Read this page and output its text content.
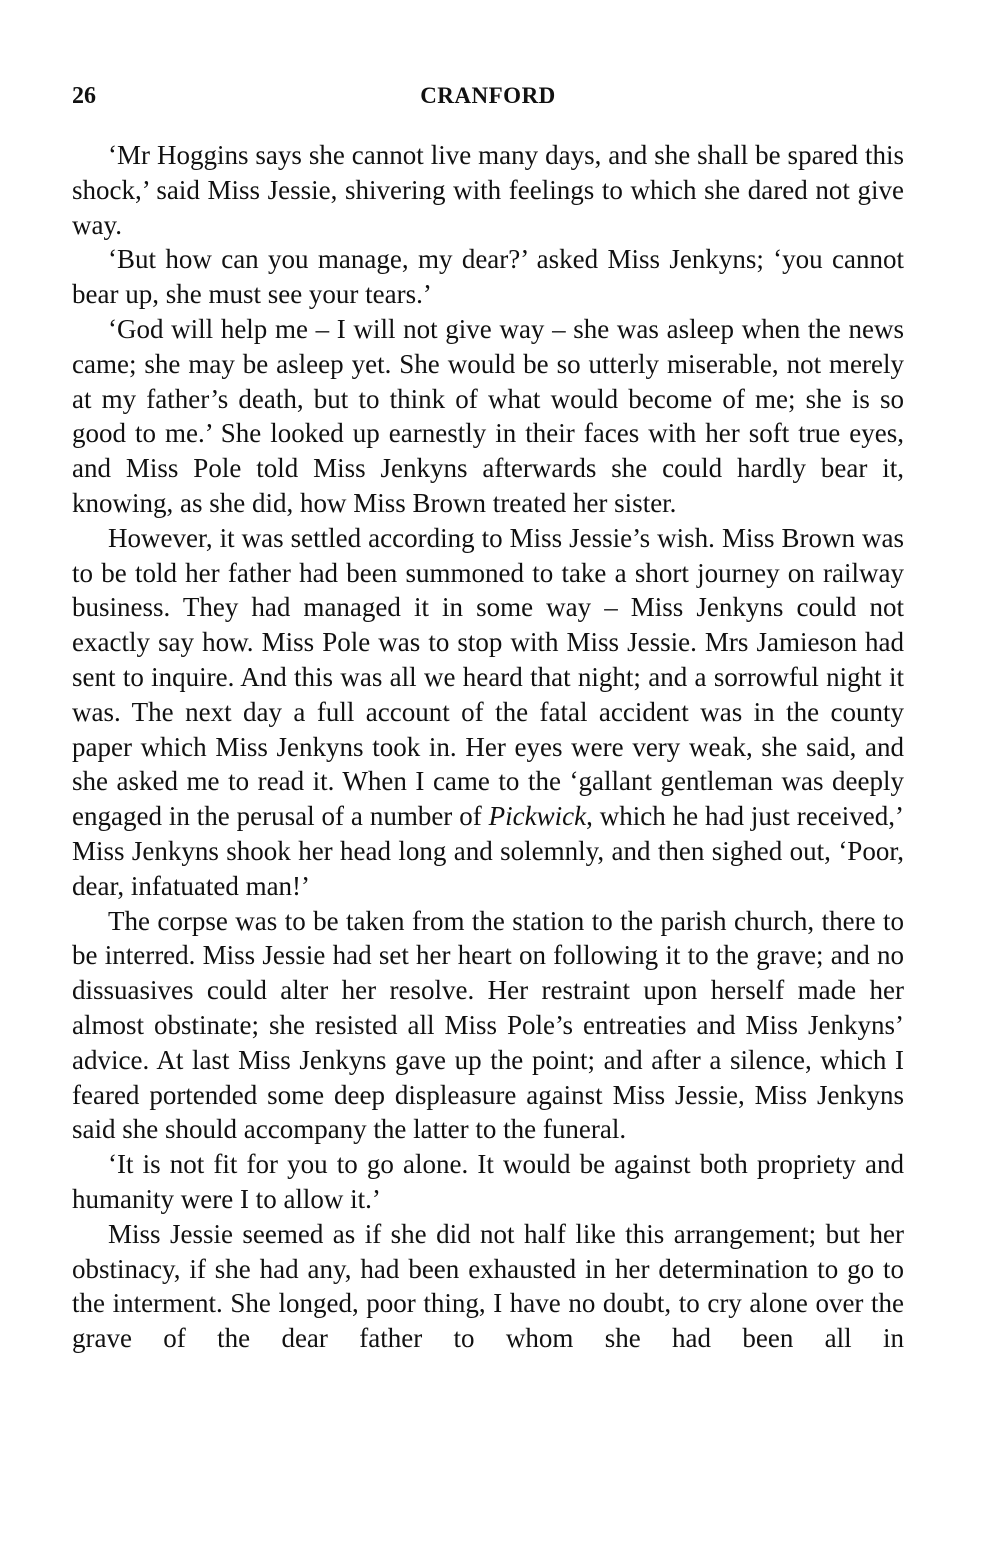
26	CRANFORD

‘Mr Hoggins says she cannot live many days, and she shall be spared this shock,’ said Miss Jessie, shivering with feelings to which she dared not give way.

‘But how can you manage, my dear?’ asked Miss Jenkyns; ‘you cannot bear up, she must see your tears.’

‘God will help me – I will not give way – she was asleep when the news came; she may be asleep yet. She would be so utterly miserable, not merely at my father’s death, but to think of what would become of me; she is so good to me.’ She looked up earnestly in their faces with her soft true eyes, and Miss Pole told Miss Jenkyns afterwards she could hardly bear it, knowing, as she did, how Miss Brown treated her sister.

However, it was settled according to Miss Jessie’s wish. Miss Brown was to be told her father had been summoned to take a short journey on railway business. They had managed it in some way – Miss Jenkyns could not exactly say how. Miss Pole was to stop with Miss Jessie. Mrs Jamieson had sent to inquire. And this was all we heard that night; and a sorrowful night it was. The next day a full account of the fatal accident was in the county paper which Miss Jenkyns took in. Her eyes were very weak, she said, and she asked me to read it. When I came to the ‘gallant gentleman was deeply engaged in the perusal of a number of Pickwick, which he had just received,’ Miss Jenkyns shook her head long and solemnly, and then sighed out, ‘Poor, dear, infatuated man!’

The corpse was to be taken from the station to the parish church, there to be interred. Miss Jessie had set her heart on following it to the grave; and no dissuasives could alter her resolve. Her restraint upon herself made her almost obstinate; she resisted all Miss Pole’s entreaties and Miss Jenkyns’ advice. At last Miss Jenkyns gave up the point; and after a silence, which I feared portended some deep displeasure against Miss Jessie, Miss Jenkyns said she should accompany the latter to the funeral.

‘It is not fit for you to go alone. It would be against both propriety and humanity were I to allow it.’

Miss Jessie seemed as if she did not half like this arrangement; but her obstinacy, if she had any, had been exhausted in her determination to go to the interment. She longed, poor thing, I have no doubt, to cry alone over the grave of the dear father to whom she had been all in
